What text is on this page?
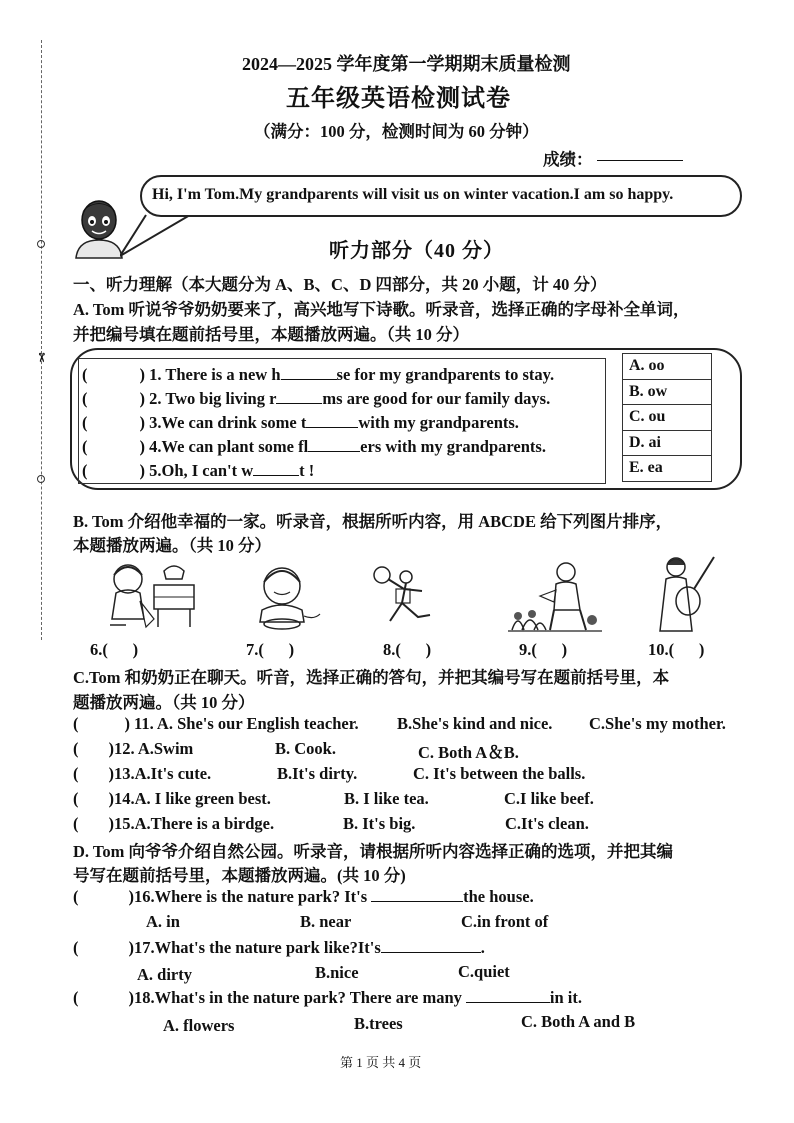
✂
2024—2025 学年度第一学期期末质量检测
五年级英语检测试卷
（满分：100 分，检测时间为 60 分钟）
成绩：
Hi, I'm Tom.My grandparents will visit us on winter vacation.I am so happy.
听力部分（40 分）
一、听力理解（本大题分为 A、B、C、D 四部分，共 20 小题，计 40 分）
A. Tom 听说爷爷奶奶要来了，高兴地写下诗歌。听录音，选择正确的字母补全单词，
并把编号填在题前括号里，本题播放两遍。（共 10 分）
(	) 1. There is a new h	se for my grandparents to stay.
(	) 2. Two big living r	ms are good for our family days.
(	) 3.We can drink some t	with my grandparents.
(	) 4.We can plant some fl	ers with my grandparents.
(	) 5.Oh, I can't w	t !
A. oo
B. ow
C. ou
D. ai
E. ea
B. Tom 介绍他幸福的一家。听录音，根据所听内容，用 ABCDE 给下列图片排序，
本题播放两遍。（共 10 分）
6.(      )	7.(      )	8.(      )	9.(      )	10.(      )
C.Tom 和奶奶正在聊天。听音，选择正确的答句，并把其编号写在题前括号里，本
题播放两遍。（共 10 分）
(	) 11. A. She's our English teacher. B.She's kind and nice. C.She's my mother.
( )12. A.Swim	B. Cook.	C. Both A＆B.
( )13.A.It's cute.	B.It's dirty.	C. It's between the balls.
( )14.A. I like green best.	B. I like tea.	C.I like beef.
( )15.A.There is a birdge.	B. It's big.	C.It's clean.
D. Tom 向爷爷介绍自然公园。听录音，请根据所听内容选择正确的选项，并把其编
号写在题前括号里，本题播放两遍。(共 10 分)
(	)16.Where is the nature park? It's	the house.
A. in	B. near	C.in front of
(	)17.What's the nature park like?It's	.
A. dirty	B.nice	C.quiet
(	)18.What's in the nature park? There are many	in it.
A. flowers	B.trees	C. Both A and B
第 1 页 共 4 页
